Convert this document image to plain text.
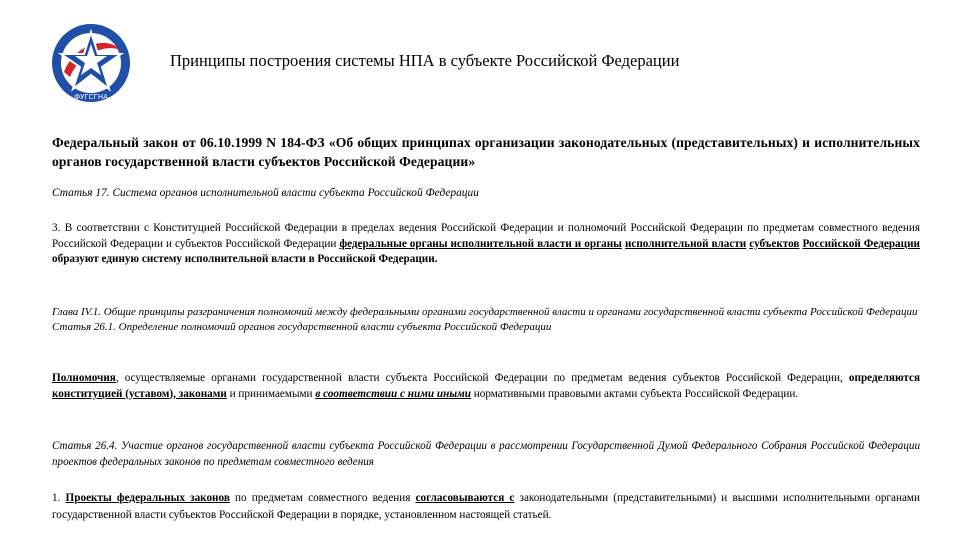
ФУГСГНА
Принципы построения системы НПА в субъекте Российской Федерации
Федеральный закон от 06.10.1999 N 184-ФЗ «Об общих принципах организации законодательных (представительных) и исполнительных органов государственной власти субъектов Российской Федерации»
Статья 17. Система органов исполнительной власти субъекта Российской Федерации
3. В соответствии с Конституцией Российской Федерации в пределах ведения Российской Федерации и полномочий Российской Федерации по предметам совместного ведения Российской Федерации и субъектов Российской Федерации федеральные органы исполнительной власти и органы исполнительной власти субъектов Российской Федерации образуют единую систему исполнительной власти в Российской Федерации.
Глава IV.1. Общие принципы разграничения полномочий между федеральными органами государственной власти и органами государственной власти субъекта Российской Федерации
Статья 26.1. Определение полномочий органов государственной власти субъекта Российской Федерации
Полномочия, осуществляемые органами государственной власти субъекта Российской Федерации по предметам ведения субъектов Российской Федерации, определяются конституцией (уставом), законами и принимаемыми в соответствии с ними иными нормативными правовыми актами субъекта Российской Федерации.
Статья 26.4. Участие органов государственной власти субъекта Российской Федерации в рассмотрении Государственной Думой Федерального Собрания Российской Федерации проектов федеральных законов по предметам совместного ведения
1. Проекты федеральных законов по предметам совместного ведения согласовываются с законодательными (представительными) и высшими исполнительными органами государственной власти субъектов Российской Федерации в порядке, установленном настоящей статьей.
